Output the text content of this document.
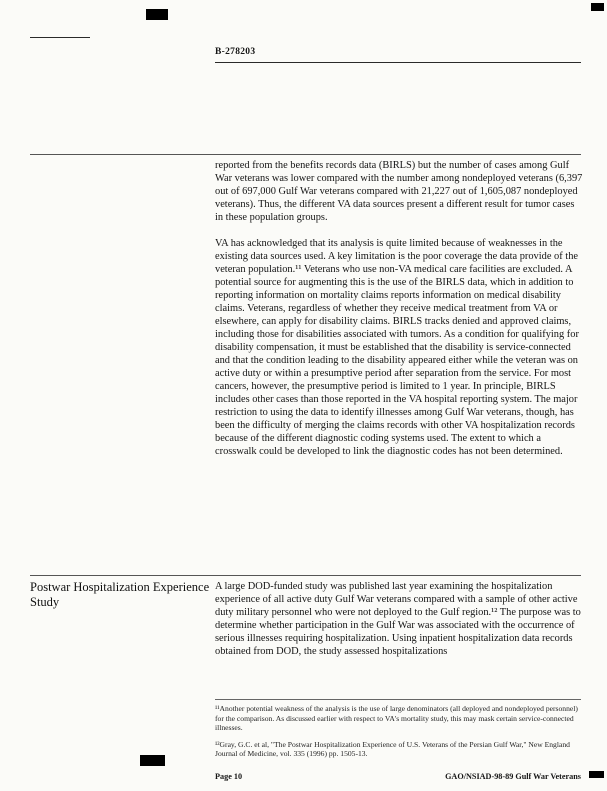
B-278203

reported from the benefits records data (BIRLS) but the number of cases among Gulf War veterans was lower compared with the number among nondeployed veterans (6,397 out of 697,000 Gulf War veterans compared with 21,227 out of 1,605,087 nondeployed veterans). Thus, the different VA data sources present a different result for tumor cases in these population groups.

VA has acknowledged that its analysis is quite limited because of weaknesses in the existing data sources used. A key limitation is the poor coverage the data provide of the veteran population.¹¹ Veterans who use non-VA medical care facilities are excluded. A potential source for augmenting this is the use of the BIRLS data, which in addition to reporting information on mortality claims reports information on medical disability claims. Veterans, regardless of whether they receive medical treatment from VA or elsewhere, can apply for disability claims. BIRLS tracks denied and approved claims, including those for disabilities associated with tumors. As a condition for qualifying for disability compensation, it must be established that the disability is service-connected and that the condition leading to the disability appeared either while the veteran was on active duty or within a presumptive period after separation from the service. For most cancers, however, the presumptive period is limited to 1 year. In principle, BIRLS includes other cases than those reported in the VA hospital reporting system. The major restriction to using the data to identify illnesses among Gulf War veterans, though, has been the difficulty of merging the claims records with other VA hospitalization records because of the different diagnostic coding systems used. The extent to which a crosswalk could be developed to link the diagnostic codes has not been determined.

Postwar Hospitalization Experience Study

A large DOD-funded study was published last year examining the hospitalization experience of all active duty Gulf War veterans compared with a sample of other active duty military personnel who were not deployed to the Gulf region.¹² The purpose was to determine whether participation in the Gulf War was associated with the occurrence of serious illnesses requiring hospitalization. Using inpatient hospitalization data records obtained from DOD, the study assessed hospitalizations

¹¹Another potential weakness of the analysis is the use of large denominators (all deployed and nondeployed personnel) for the comparison. As discussed earlier with respect to VA's mortality study, this may mask certain service-connected illnesses.

¹²Gray, G.C. et al, "The Postwar Hospitalization Experience of U.S. Veterans of the Persian Gulf War," New England Journal of Medicine, vol. 335 (1996) pp. 1505-13.

Page 10	GAO/NSIAD-98-89 Gulf War Veterans
